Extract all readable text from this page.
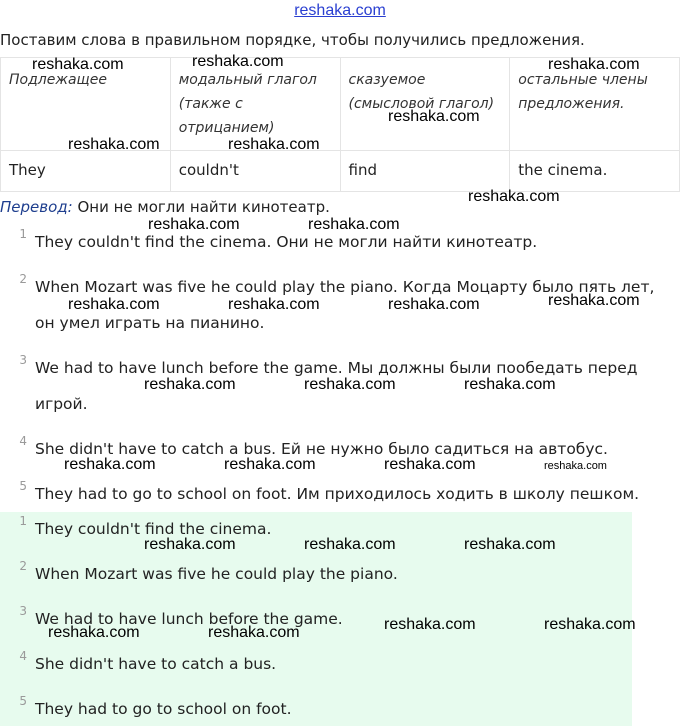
reshaka.com
Поставим слова в правильном порядке, чтобы получились предложения.
Подлежащее	модальный глагол (также с отрицанием)	сказуемое (смысловой глагол)	остальные члены предложения.
They	couldn't	find	the cinema.
Перевод: Они не могли найти кинотеатр.
1 They couldn't find the cinema. Они не могли найти кинотеатр.
2 When Mozart was five he could play the piano. Когда Моцарту было пять лет, он умел играть на пианино.
3 We had to have lunch before the game. Мы должны были пообедать перед игрой.
4 She didn't have to catch a bus. Ей не нужно было садиться на автобус.
5 They had to go to school on foot. Им приходилось ходить в школу пешком.
1 They couldn't find the cinema.
2 When Mozart was five he could play the piano.
3 We had to have lunch before the game.
4 She didn't have to catch a bus.
5 They had to go to school on foot.
reshaka.com	reshaka.com	reshaka.com
reshaka.com
reshaka.com	reshaka.com
reshaka.com
reshaka.com	reshaka.com
reshaka.com	reshaka.com	reshaka.com	reshaka.com
reshaka.com	reshaka.com	reshaka.com
reshaka.com	reshaka.com	reshaka.com	reshaka.com
reshaka.com	reshaka.com	reshaka.com
reshaka.com	reshaka.com
reshaka.com	reshaka.com
